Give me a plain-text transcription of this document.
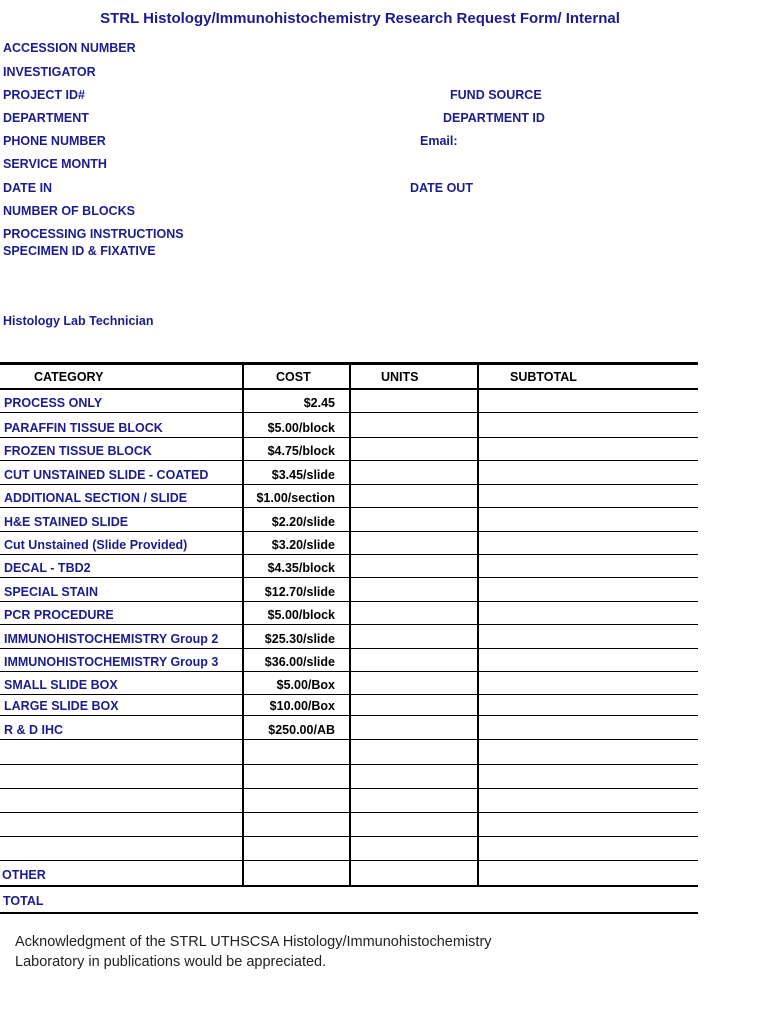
STRL Histology/Immunohistochemistry Research Request Form/ Internal
ACCESSION NUMBER
INVESTIGATOR
PROJECT ID#	FUND SOURCE
DEPARTMENT	DEPARTMENT ID
PHONE NUMBER	Email:
SERVICE MONTH
DATE IN	DATE OUT
NUMBER OF BLOCKS
PROCESSING INSTRUCTIONS
SPECIMEN ID & FIXATIVE
Histology Lab Technician
CATEGORY	COST	UNITS	SUBTOTAL
PROCESS ONLY	$2.45
PARAFFIN TISSUE BLOCK	$5.00/block
FROZEN TISSUE BLOCK	$4.75/block
CUT UNSTAINED SLIDE - COATED	$3.45/slide
ADDITIONAL SECTION / SLIDE	$1.00/section
H&E STAINED SLIDE	$2.20/slide
Cut Unstained (Slide Provided)	$3.20/slide
DECAL - TBD2	$4.35/block
SPECIAL STAIN	$12.70/slide
PCR PROCEDURE	$5.00/block
IMMUNOHISTOCHEMISTRY Group 2	$25.30/slide
IMMUNOHISTOCHEMISTRY Group 3	$36.00/slide
SMALL SLIDE BOX	$5.00/Box
LARGE SLIDE BOX	$10.00/Box
R & D IHC	$250.00/AB
OTHER
TOTAL
Acknowledgment of the STRL UTHSCSA Histology/Immunohistochemistry
Laboratory in publications would be appreciated.
